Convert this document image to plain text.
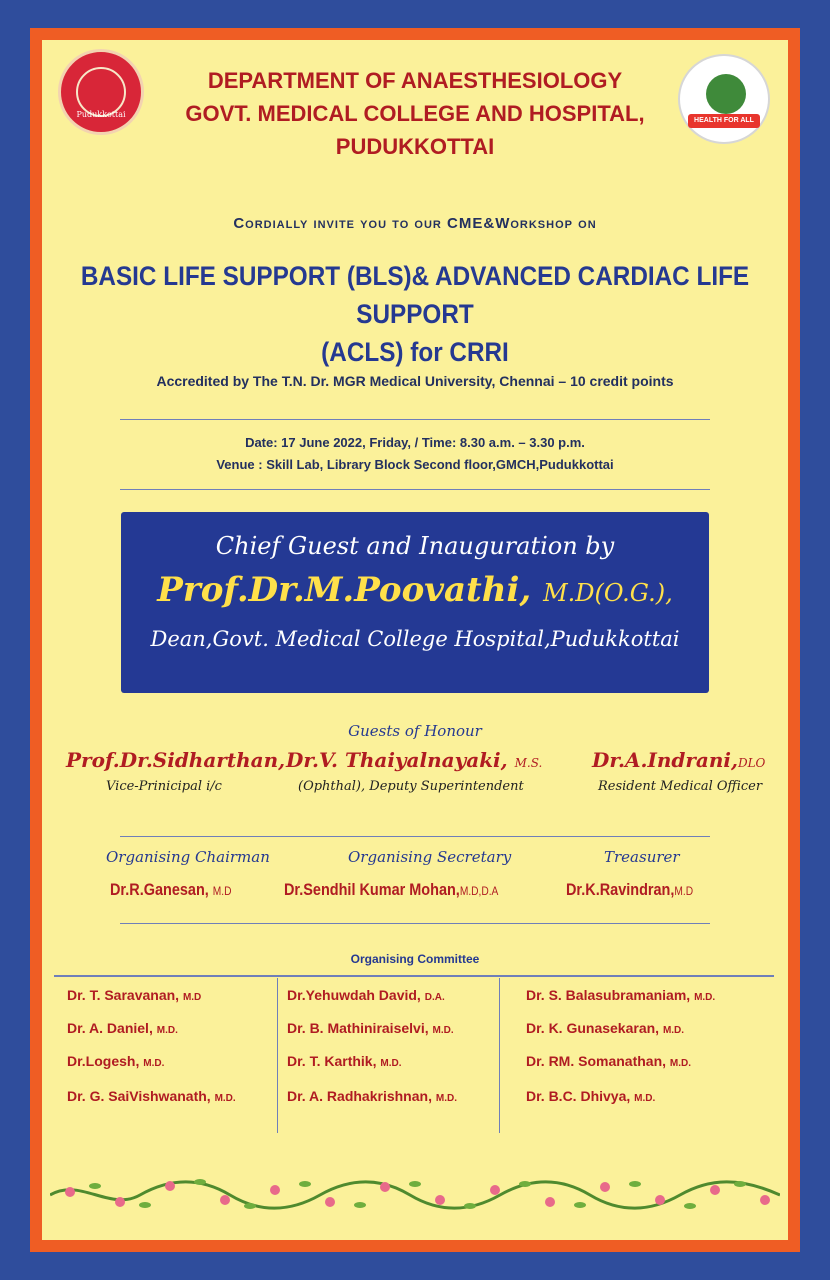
Pudukkottai
HEALTH FOR ALL
DEPARTMENT OF ANAESTHESIOLOGY
GOVT. MEDICAL COLLEGE AND HOSPITAL,
PUDUKKOTTAI
Cordially invite you to our CME&Workshop on
BASIC LIFE SUPPORT (BLS)& ADVANCED CARDIAC LIFE SUPPORT
(ACLS) for CRRI
Accredited by The T.N. Dr. MGR Medical University, Chennai – 10 credit points
Date: 17 June 2022, Friday, / Time: 8.30 a.m. – 3.30 p.m.
Venue : Skill Lab, Library Block Second floor,GMCH,Pudukkottai
Chief Guest and Inauguration by
Prof.Dr.M.Poovathi, M.D(O.G.),
Dean,Govt. Medical College Hospital,Pudukkottai
Guests of Honour
Prof.Dr.Sidharthan,
Vice-Prinicipal i/c
Dr.V. Thaiyalnayaki, M.S.
(Ophthal), Deputy Superintendent
Dr.A.Indrani,DLO
Resident Medical Officer
Organising Chairman	Organising Secretary	Treasurer
Dr.R.Ganesan, M.D	Dr.Sendhil Kumar Mohan,M.D,D.A	Dr.K.Ravindran,M.D
Organising Committee
Dr. T. Saravanan, M.D
Dr. A. Daniel, M.D.
Dr.Logesh, M.D.
Dr. G. SaiVishwanath, M.D.
Dr.Yehuwdah David, D.A.
Dr. B. Mathiniraiselvi, M.D.
Dr. T. Karthik, M.D.
Dr. A. Radhakrishnan, M.D.
Dr. S. Balasubramaniam, M.D.
Dr. K. Gunasekaran, M.D.
Dr. RM. Somanathan, M.D.
Dr. B.C. Dhivya, M.D.
